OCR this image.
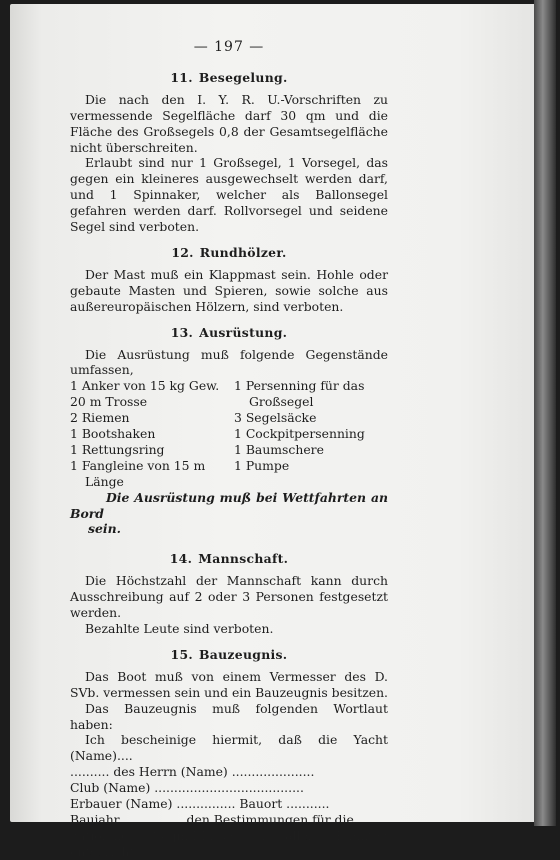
— 197 —
11. Besegelung.

Die nach den I. Y. R. U.-Vorschriften zu vermessende Segelfläche darf 30 qm und die Fläche des Großsegels 0,8 der Gesamtsegelfläche nicht überschreiten.

Erlaubt sind nur 1 Großsegel, 1 Vorsegel, das gegen ein kleineres ausgewechselt werden darf, und 1 Spinnaker, welcher als Ballonsegel gefahren werden darf. Rollvorsegel und seidene Segel sind verboten.

12. Rundhölzer.

Der Mast muß ein Klappmast sein. Hohle oder gebaute Masten und Spieren, sowie solche aus außereuropäischen Hölzern, sind verboten.

13. Ausrüstung.

Die Ausrüstung muß folgende Gegenstände umfassen,

1 Anker von 15 kg Gew.
20 m Trosse
2 Riemen
1 Bootshaken
1 Rettungsring
1 Fangleine von 15 m
Länge
1 Persenning für das
Großsegel
3 Segelsäcke
1 Cockpitpersenning
1 Baumschere
1 Pumpe

Die Ausrüstung muß bei Wettfahrten an Bord

sein.

14. Mannschaft.

Die Höchstzahl der Mannschaft kann durch Ausschreibung auf 2 oder 3 Personen festgesetzt werden.

Bezahlte Leute sind verboten.

15. Bauzeugnis.

Das Boot muß von einem Vermesser des D. SVb. vermessen sein und ein Bauzeugnis besitzen.

Das Bauzeugnis muß folgenden Wortlaut haben:

Ich bescheinige hiermit, daß die Yacht (Name)....

.......... des Herrn (Name) .....................

Club (Name) ......................................

Erbauer (Name) ............... Bauort ...........

Baujahr ............... den Bestimmungen für die

nationale 30-qm-Klasse in allen Punkten entspricht.
